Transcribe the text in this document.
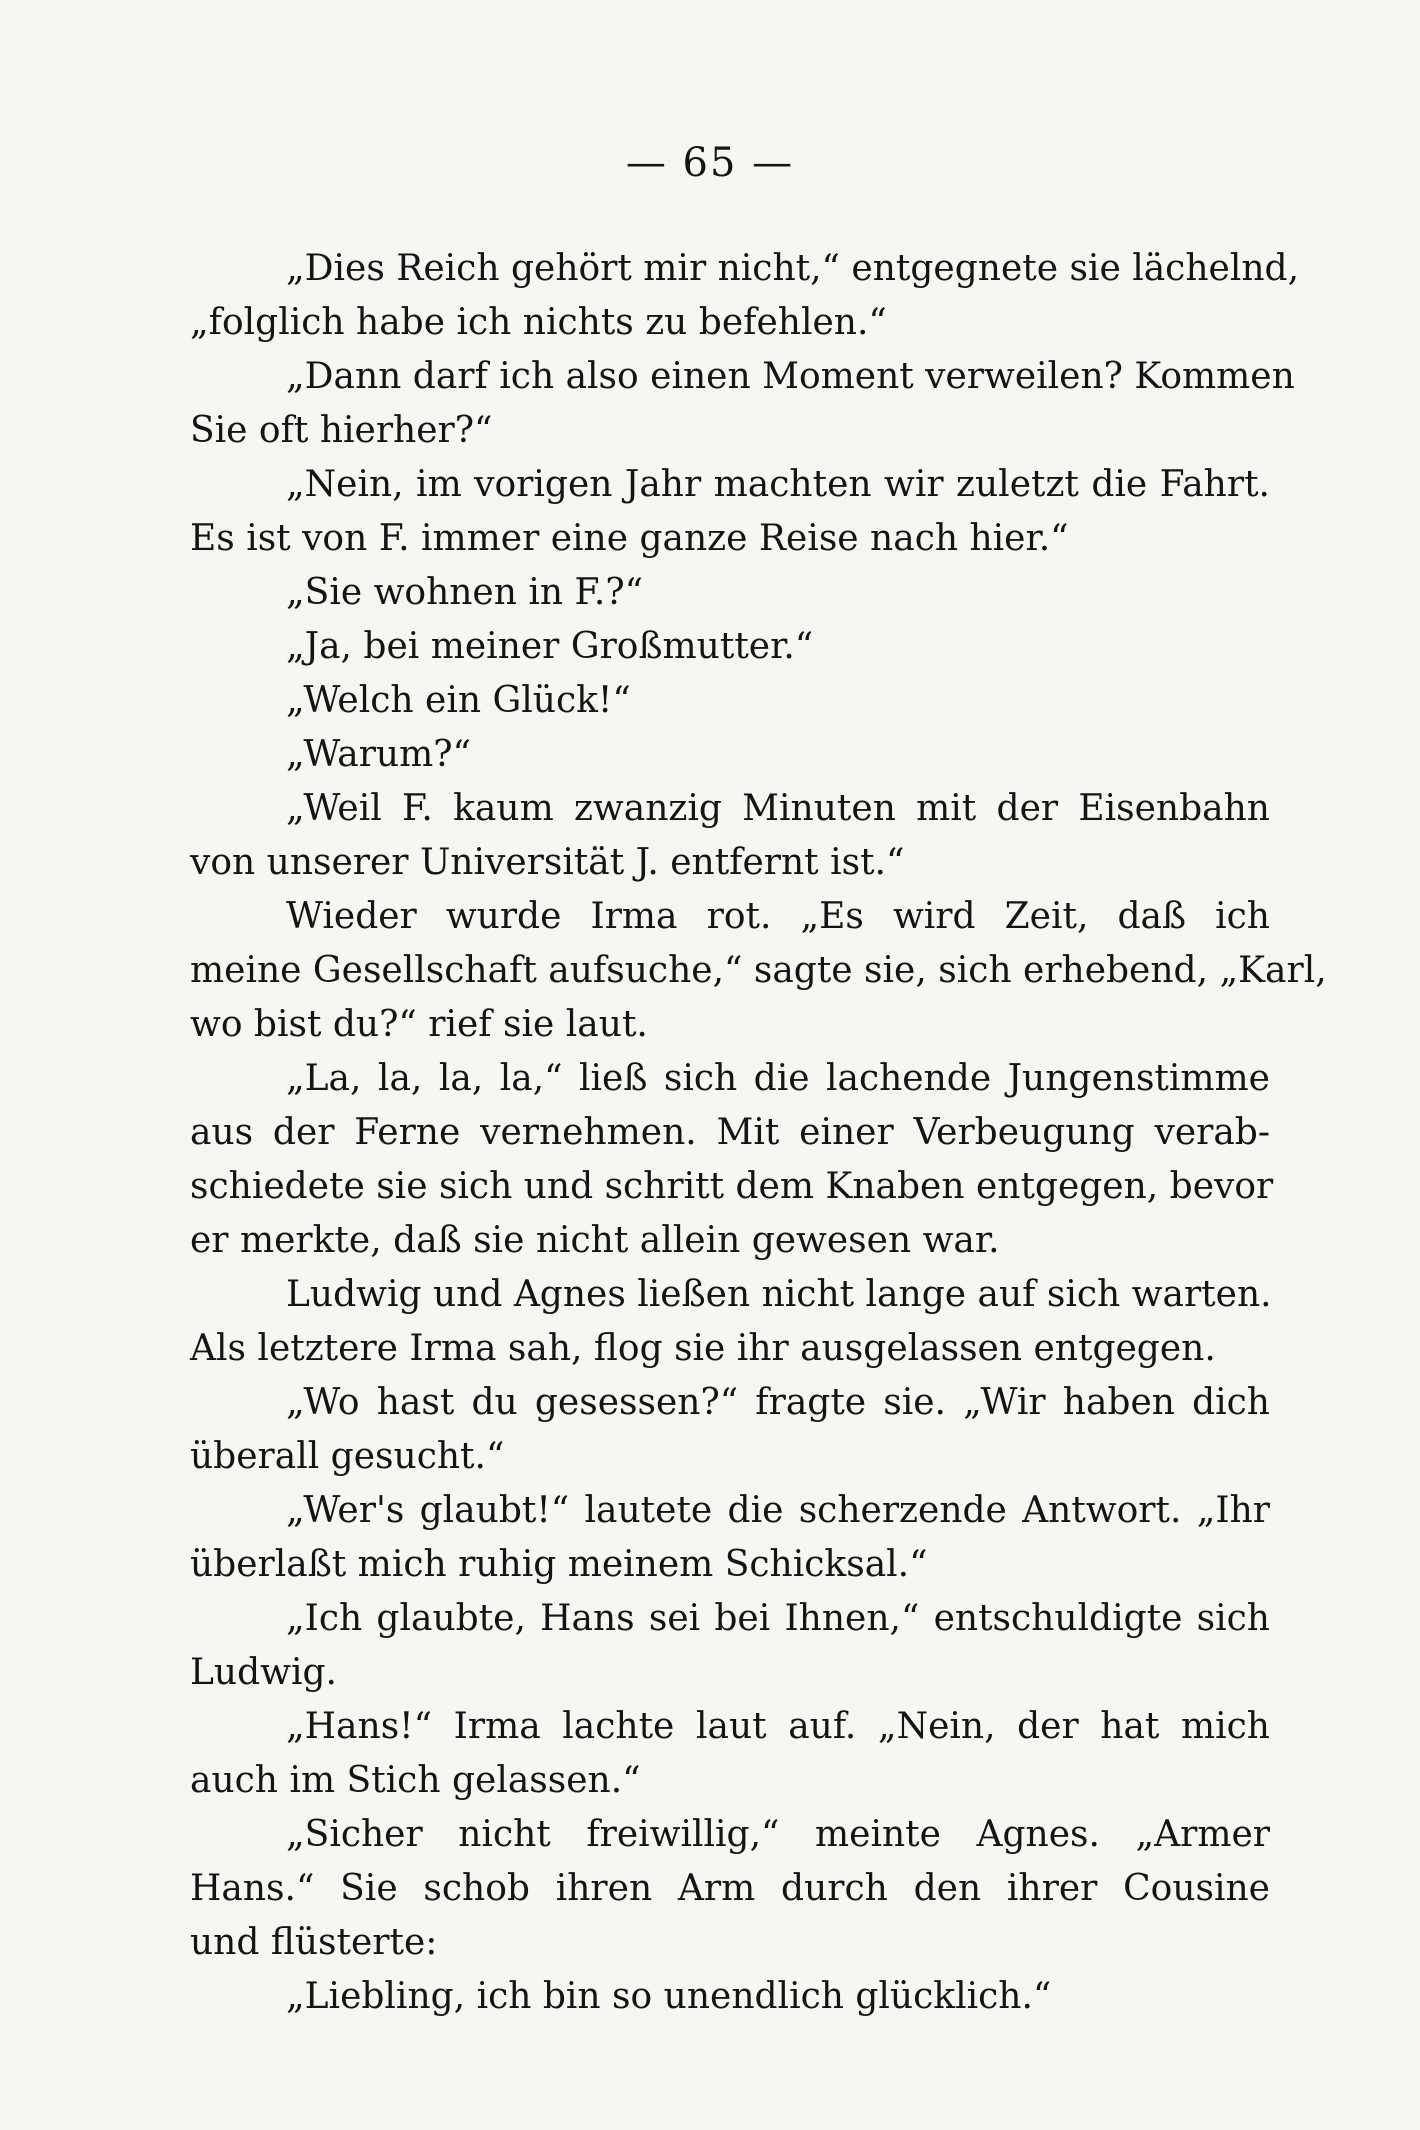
— 65 —
„Dies Reich gehört mir nicht,“ entgegnete sie lächelnd,
„folglich habe ich nichts zu befehlen.“
„Dann darf ich also einen Moment verweilen? Kommen
Sie oft hierher?“
„Nein, im vorigen Jahr machten wir zuletzt die Fahrt.
Es ist von F. immer eine ganze Reise nach hier.“
„Sie wohnen in F.?“
„Ja, bei meiner Großmutter.“
„Welch ein Glück!“
„Warum?“
„Weil F. kaum zwanzig Minuten mit der Eisenbahn
von unserer Universität J. entfernt ist.“
Wieder wurde Irma rot. „Es wird Zeit, daß ich
meine Gesellschaft aufsuche,“ sagte sie, sich erhebend, „Karl,
wo bist du?“ rief sie laut.
„La, la, la, la,“ ließ sich die lachende Jungenstimme
aus der Ferne vernehmen. Mit einer Verbeugung verab-
schiedete sie sich und schritt dem Knaben entgegen, bevor
er merkte, daß sie nicht allein gewesen war.
Ludwig und Agnes ließen nicht lange auf sich warten.
Als letztere Irma sah, flog sie ihr ausgelassen entgegen.
„Wo hast du gesessen?“ fragte sie. „Wir haben dich
überall gesucht.“
„Wer's glaubt!“ lautete die scherzende Antwort. „Ihr
überlaßt mich ruhig meinem Schicksal.“
„Ich glaubte, Hans sei bei Ihnen,“ entschuldigte sich
Ludwig.
„Hans!“ Irma lachte laut auf. „Nein, der hat mich
auch im Stich gelassen.“
„Sicher nicht freiwillig,“ meinte Agnes. „Armer
Hans.“ Sie schob ihren Arm durch den ihrer Cousine
und flüsterte:
„Liebling, ich bin so unendlich glücklich.“
